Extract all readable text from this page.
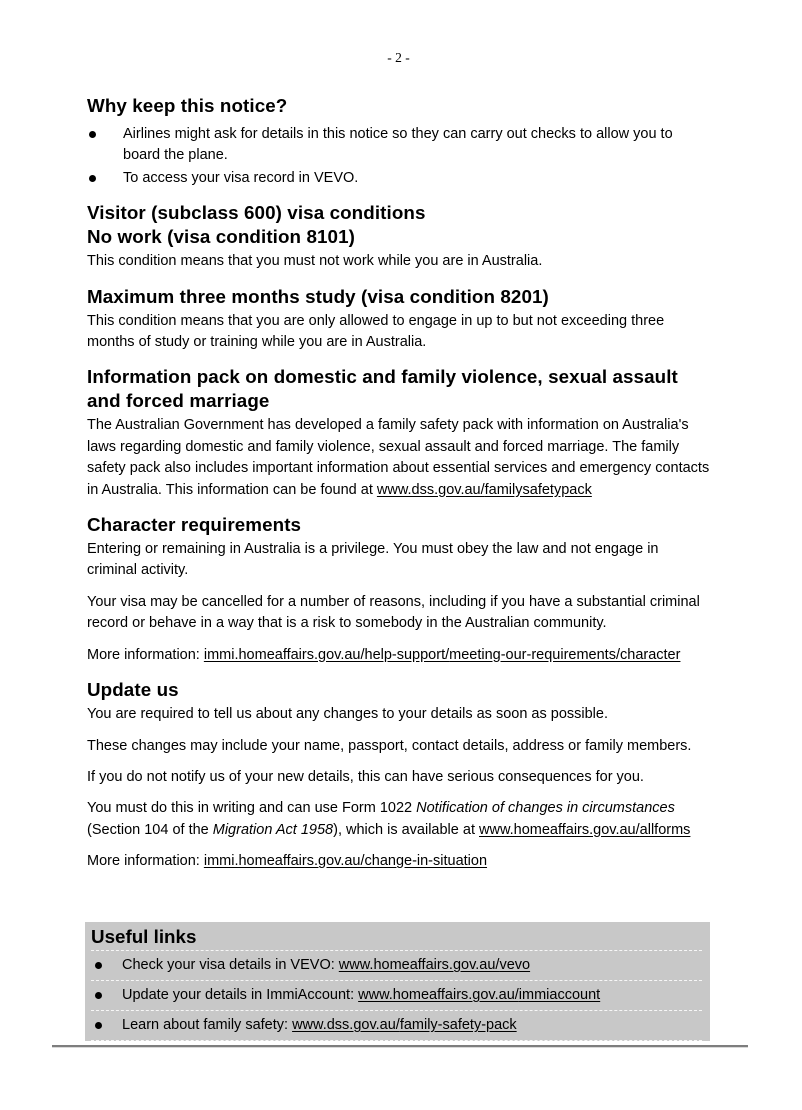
- 2 -
Why keep this notice?
Airlines might ask for details in this notice so they can carry out checks to allow you to board the plane.
To access your visa record in VEVO.
Visitor (subclass 600) visa conditions
No work (visa condition 8101)

This condition means that you must not work while you are in Australia.

Maximum three months study (visa condition 8201)

This condition means that you are only allowed to engage in up to but not exceeding three months of study or training while you are in Australia.

Information pack on domestic and family violence, sexual assault and forced marriage

The Australian Government has developed a family safety pack with information on Australia's laws regarding domestic and family violence, sexual assault and forced marriage. The family safety pack also includes important information about essential services and emergency contacts in Australia. This information can be found at www.dss.gov.au/familysafetypack

Character requirements

Entering or remaining in Australia is a privilege. You must obey the law and not engage in criminal activity.

Your visa may be cancelled for a number of reasons, including if you have a substantial criminal record or behave in a way that is a risk to somebody in the Australian community.

More information: immi.homeaffairs.gov.au/help-support/meeting-our-requirements/character

Update us

You are required to tell us about any changes to your details as soon as possible.

These changes may include your name, passport, contact details, address or family members.

If you do not notify us of your new details, this can have serious consequences for you.

You must do this in writing and can use Form 1022 Notification of changes in circumstances (Section 104 of the Migration Act 1958), which is available at www.homeaffairs.gov.au/allforms

More information: immi.homeaffairs.gov.au/change-in-situation

Useful links
Check your visa details in VEVO: www.homeaffairs.gov.au/vevo
Update your details in ImmiAccount: www.homeaffairs.gov.au/immiaccount
Learn about family safety: www.dss.gov.au/family-safety-pack
